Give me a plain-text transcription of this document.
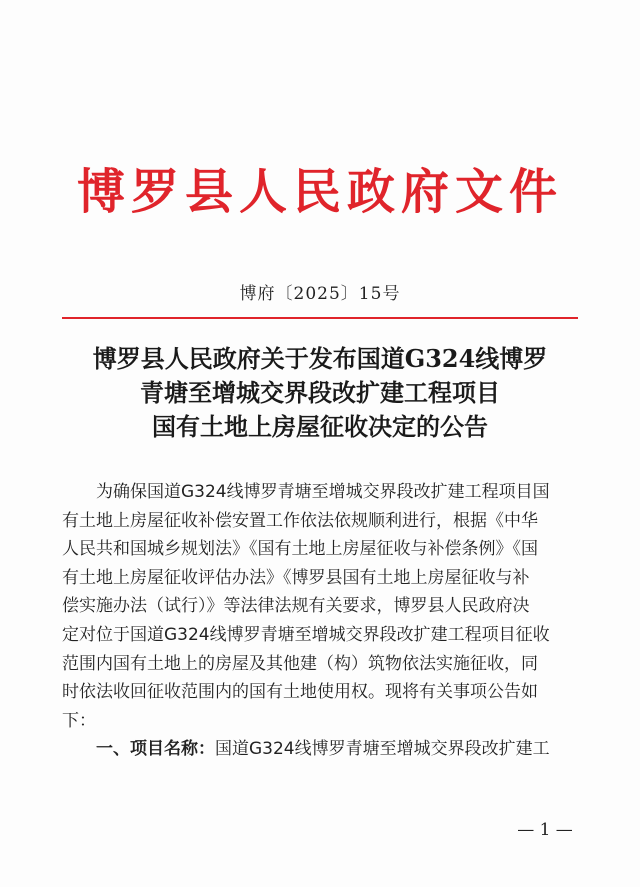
博罗县人民政府文件
博府〔2025〕15号
博罗县人民政府关于发布国道G324线博罗
青塘至增城交界段改扩建工程项目
国有土地上房屋征收决定的公告
为确保国道G324线博罗青塘至增城交界段改扩建工程项目国
有土地上房屋征收补偿安置工作依法依规顺利进行，根据《中华
人民共和国城乡规划法》《国有土地上房屋征收与补偿条例》《国
有土地上房屋征收评估办法》《博罗县国有土地上房屋征收与补
偿实施办法（试行）》等法律法规有关要求，博罗县人民政府决
定对位于国道G324线博罗青塘至增城交界段改扩建工程项目征收
范围内国有土地上的房屋及其他建（构）筑物依法实施征收，同
时依法收回征收范围内的国有土地使用权。现将有关事项公告如
下：
一、项目名称：国道G324线博罗青塘至增城交界段改扩建工
— 1 —
